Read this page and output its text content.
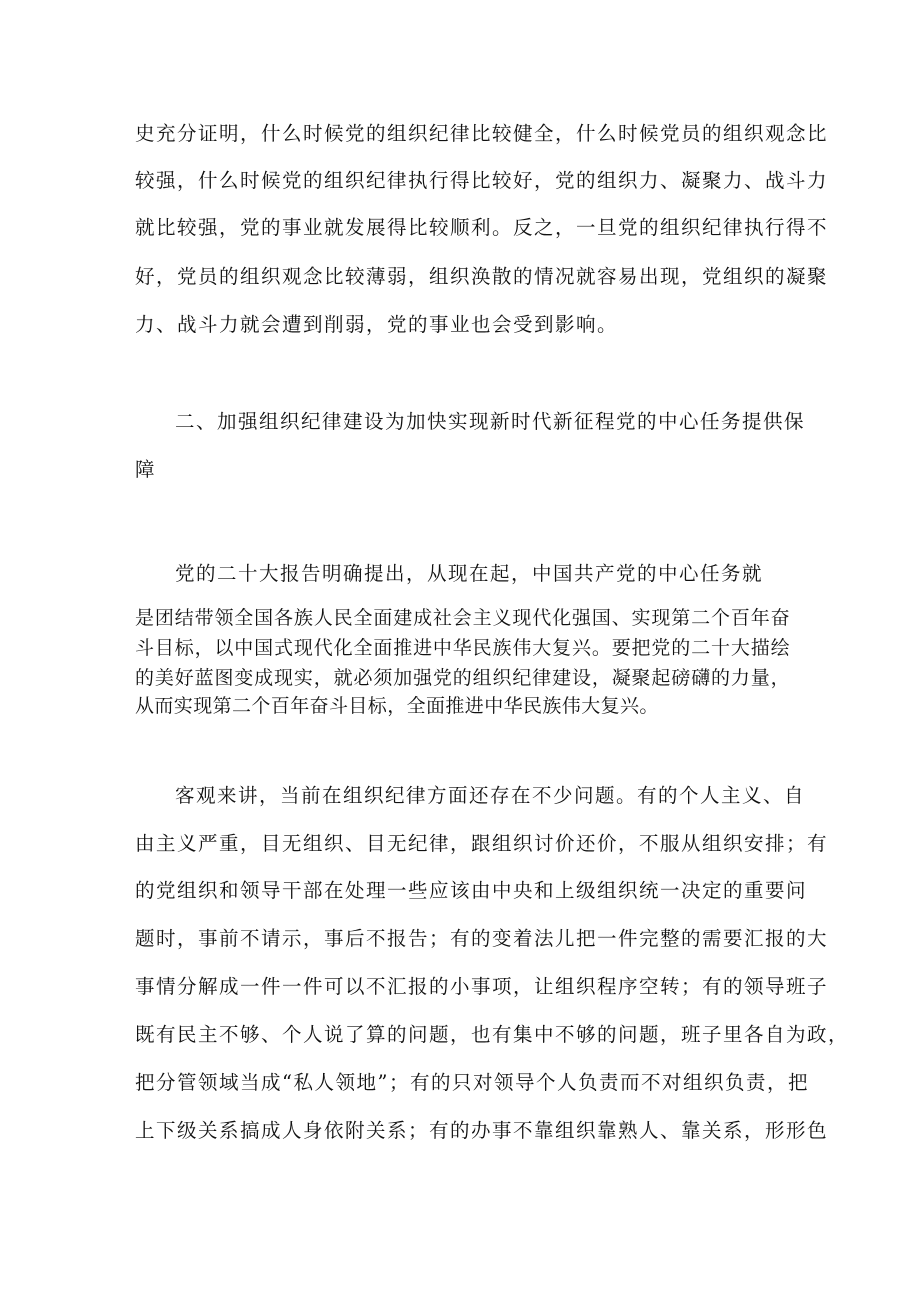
史充分证明，什么时候党的组织纪律比较健全，什么时候党员的组织观念比
较强，什么时候党的组织纪律执行得比较好，党的组织力、凝聚力、战斗力
就比较强，党的事业就发展得比较顺利。反之，一旦党的组织纪律执行得不
好，党员的组织观念比较薄弱，组织涣散的情况就容易出现，党组织的凝聚
力、战斗力就会遭到削弱，党的事业也会受到影响。
二、加强组织纪律建设为加快实现新时代新征程党的中心任务提供保
障
党的二十大报告明确提出，从现在起，中国共产党的中心任务就
是团结带领全国各族人民全面建成社会主义现代化强国、实现第二个百年奋
斗目标，以中国式现代化全面推进中华民族伟大复兴。要把党的二十大描绘
的美好蓝图变成现实，就必须加强党的组织纪律建设，凝聚起磅礴的力量，
从而实现第二个百年奋斗目标，全面推进中华民族伟大复兴。
客观来讲，当前在组织纪律方面还存在不少问题。有的个人主义、自
由主义严重，目无组织、目无纪律，跟组织讨价还价，不服从组织安排；有
的党组织和领导干部在处理一些应该由中央和上级组织统一决定的重要问
题时，事前不请示，事后不报告；有的变着法儿把一件完整的需要汇报的大
事情分解成一件一件可以不汇报的小事项，让组织程序空转；有的领导班子
既有民主不够、个人说了算的问题，也有集中不够的问题，班子里各自为政，
把分管领域当成“私人领地”；有的只对领导个人负责而不对组织负责，把
上下级关系搞成人身依附关系；有的办事不靠组织靠熟人、靠关系，形形色
